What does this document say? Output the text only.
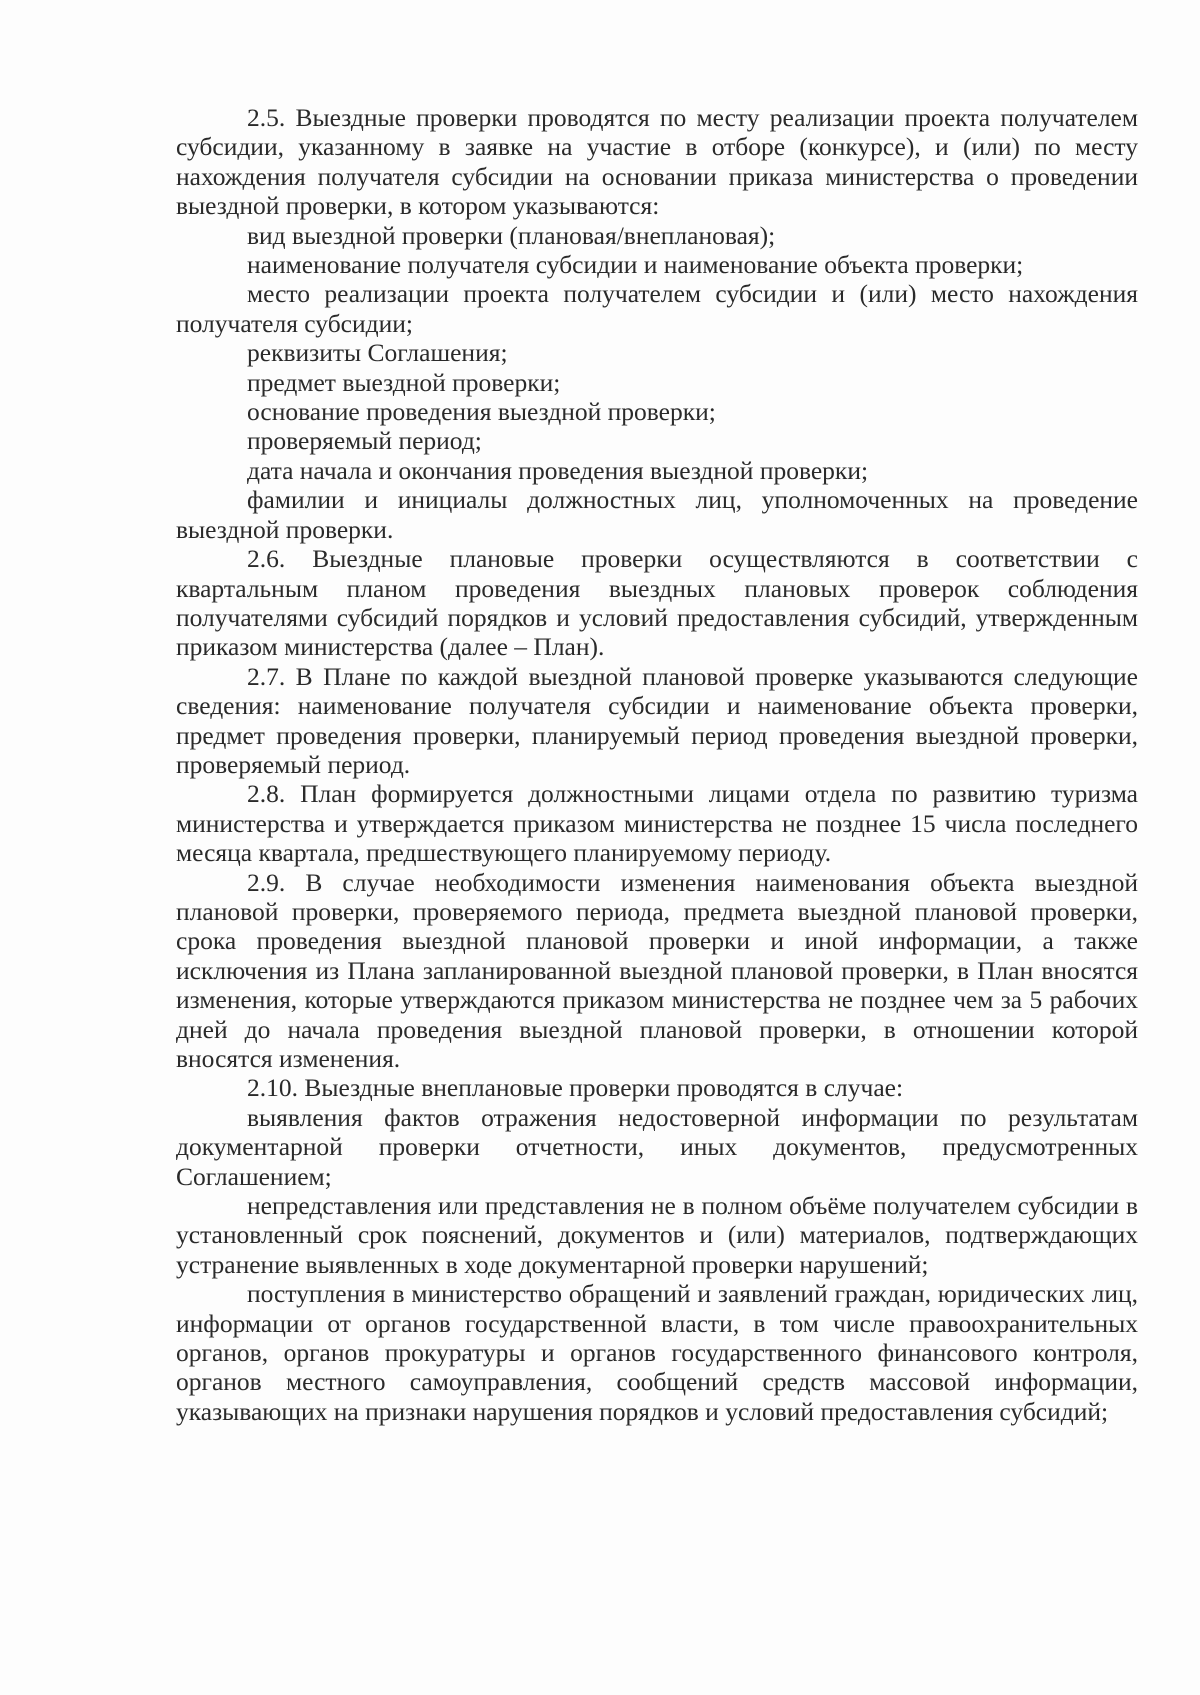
2.5. Выездные проверки проводятся по месту реализации проекта получателем субсидии, указанному в заявке на участие в отборе (конкурсе), и (или) по месту нахождения получателя субсидии на основании приказа министерства о проведении выездной проверки, в котором указываются:

вид выездной проверки (плановая/внеплановая);

наименование получателя субсидии и наименование объекта проверки;

место реализации проекта получателем субсидии и (или) место нахождения получателя субсидии;

реквизиты Соглашения;

предмет выездной проверки;

основание проведения выездной проверки;

проверяемый период;

дата начала и окончания проведения выездной проверки;

фамилии и инициалы должностных лиц, уполномоченных на проведение выездной проверки.

2.6. Выездные плановые проверки осуществляются в соответствии с квартальным планом проведения выездных плановых проверок соблюдения получателями субсидий порядков и условий предоставления субсидий, утвержденным приказом министерства (далее – План).

2.7. В Плане по каждой выездной плановой проверке указываются следующие сведения: наименование получателя субсидии и наименование объекта проверки, предмет проведения проверки, планируемый период проведения выездной проверки, проверяемый период.

2.8. План формируется должностными лицами отдела по развитию туризма министерства и утверждается приказом министерства не позднее 15 числа последнего месяца квартала, предшествующего планируемому периоду.

2.9. В случае необходимости изменения наименования объекта выездной плановой проверки, проверяемого периода, предмета выездной плановой проверки, срока проведения выездной плановой проверки и иной информации, а также исключения из Плана запланированной выездной плановой проверки, в План вносятся изменения, которые утверждаются приказом министерства не позднее чем за 5 рабочих дней до начала проведения выездной плановой проверки, в отношении которой вносятся изменения.

2.10. Выездные внеплановые проверки проводятся в случае:

выявления фактов отражения недостоверной информации по результатам документарной проверки отчетности, иных документов, предусмотренных Соглашением;

непредставления или представления не в полном объёме получателем субсидии в установленный срок пояснений, документов и (или) материалов, подтверждающих устранение выявленных в ходе документарной проверки нарушений;

поступления в министерство обращений и заявлений граждан, юридических лиц, информации от органов государственной власти, в том числе правоохранительных органов, органов прокуратуры и органов государственного финансового контроля, органов местного самоуправления, сообщений средств массовой информации, указывающих на признаки нарушения порядков и условий предоставления субсидий;
